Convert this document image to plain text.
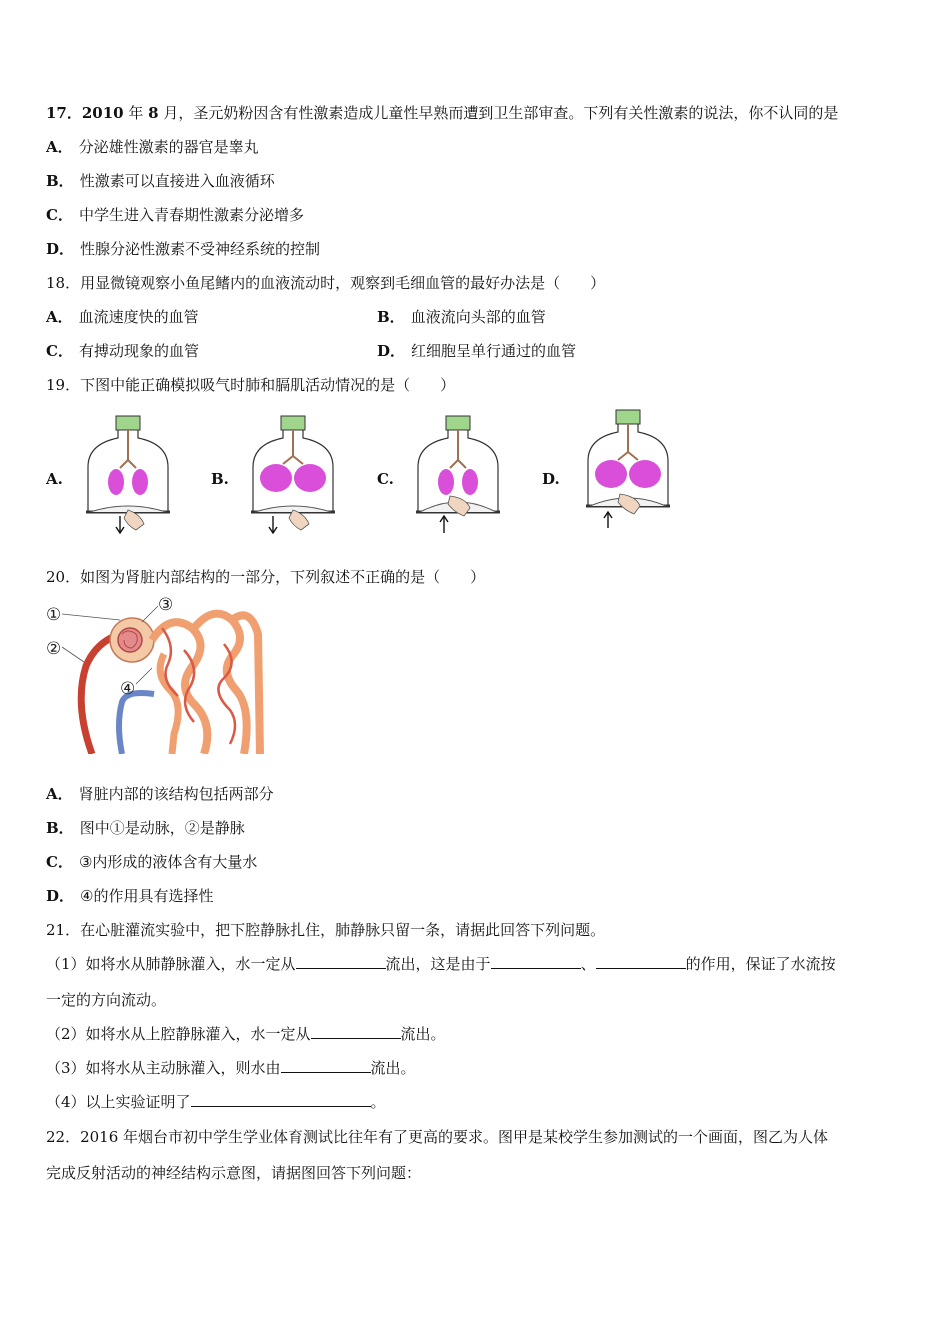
17．2010 年 8 月，圣元奶粉因含有性激素造成儿童性早熟而遭到卫生部审查。下列有关性激素的说法，你不认同的是
A． 分泌雄性激素的器官是睾丸
B． 性激素可以直接进入血液循环
C． 中学生进入青春期性激素分泌增多
D． 性腺分泌性激素不受神经系统的控制
18．用显微镜观察小鱼尾鳍内的血液流动时，观察到毛细血管的最好办法是（　　）
A． 血流速度快的血管	B． 血液流向头部的血管
C． 有搏动现象的血管	D． 红细胞呈单行通过的血管
19．下图中能正确模拟吸气时肺和膈肌活动情况的是（　　）
A.	B.	C.	D.
20．如图为肾脏内部结构的一部分，下列叙述不正确的是（　　）
①
②
③
④
A． 肾脏内部的该结构包括两部分
B． 图中①是动脉，②是静脉
C． ③内形成的液体含有大量水
D． ④的作用具有选择性
21．在心脏灌流实验中，把下腔静脉扎住，肺静脉只留一条，请据此回答下列问题。
（1）如将水从肺静脉灌入，水一定从	流出，这是由于	、	的作用，保证了水流按
一定的方向流动。
（2）如将水从上腔静脉灌入，水一定从	流出。
（3）如将水从主动脉灌入，则水由	流出。
（4）以上实验证明了	。
22．2016 年烟台市初中学生学业体育测试比往年有了更高的要求。图甲是某校学生参加测试的一个画面，图乙为人体
完成反射活动的神经结构示意图，请据图回答下列问题：
